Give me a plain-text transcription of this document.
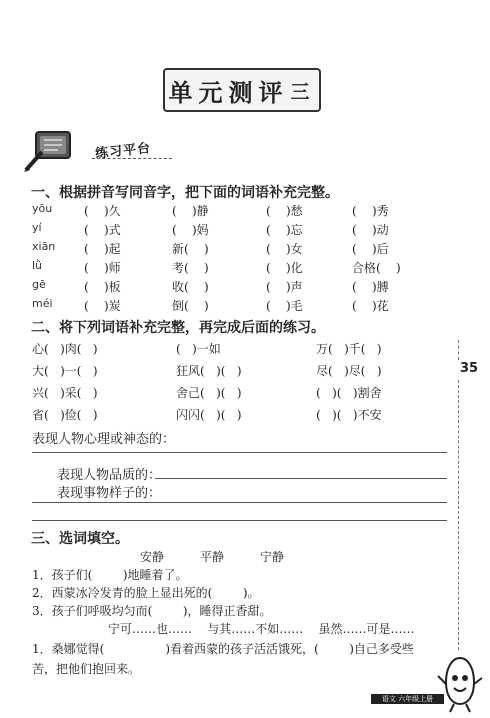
单元测评 三
练习平台
一、根据拼音写同音字，把下面的词语补充完整。
yōu	(    )久	(    )静	(    )愁	(    )秀
yí	(    )式	(    )妈	(    )忘	(    )动
xiān	(    )起	新(    )	(    )女	(    )后
lǜ	(    )师	考(    )	(    )化	合格(    )
gē	(    )板	收(    )	(    )声	(    )膊
méi	(    )炭	倒(    )	(    )毛	(    )花
二、将下列词语补充完整，再完成后面的练习。
心(   )肉(   )	(   )一如	万(   )千(   )
大(   )一(   )	狂风(   )(   )	尽(   )尽(   )
兴(   )采(   )	舍己(   )(   )	(   )(   )割舍
省(   )俭(   )	闪闪(   )(   )	(   )(   )不安
表现人物心理或神态的：
表现人物品质的：
表现事物样子的：
三、选词填空。
安静	平静	宁静
1．孩子们(        )地睡着了。
2．西蒙冰冷发青的脸上显出死的(        )。
3．孩子们呼吸均匀而(        )，睡得正香甜。
宁可……也……    与其……不如……    虽然……可是……
1．桑娜觉得(                )看着西蒙的孩子活活饿死，(        )自己多受些
苦，把他们抱回来。
35
语文 六年级上册
